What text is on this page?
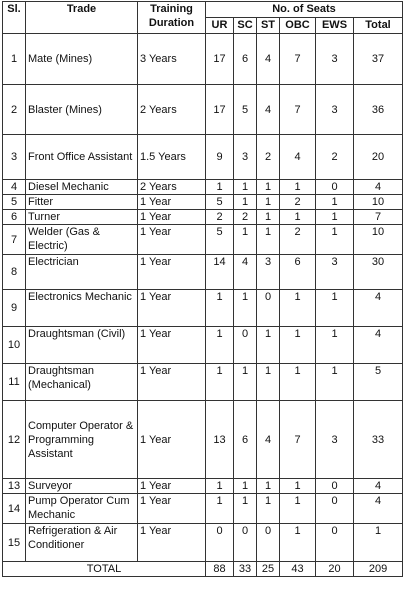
Sl.	Trade	Training Duration	No. of Seats					
			UR	SC	ST	OBC	EWS	Total
1	Mate (Mines)	3 Years	17	6	4	7	3	37
2	Blaster (Mines)	2 Years	17	5	4	7	3	36
3	Front Office Assistant	1.5 Years	9	3	2	4	2	20
4	Diesel Mechanic	2 Years	1	1	1	1	0	4
5	Fitter	1 Year	5	1	1	2	1	10
6	Turner	1 Year	2	2	1	1	1	7
7	Welder (Gas & Electric)	1 Year	5	1	1	2	1	10
8	Electrician	1 Year	14	4	3	6	3	30
9	Electronics Mechanic	1 Year	1	1	0	1	1	4
10	Draughtsman (Civil)	1 Year	1	0	1	1	1	4
11	Draughtsman (Mechanical)	1 Year	1	1	1	1	1	5
12	Computer Operator & Programming Assistant	1 Year	13	6	4	7	3	33
13	Surveyor	1 Year	1	1	1	1	0	4
14	Pump Operator Cum Mechanic	1 Year	1	1	1	1	0	4
15	Refrigeration & Air Conditioner	1 Year	0	0	0	1	0	1
TOTAL			88	33	25	43	20	209
